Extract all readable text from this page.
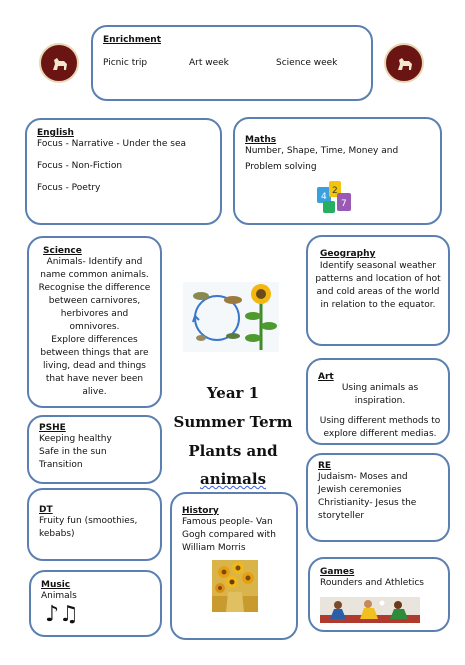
Enrichment
Picnic trip	Art week	Science week
English
Focus - Narrative - Under the sea
Focus - Non-Fiction
Focus - Poetry
Maths
Number, Shape, Time, Money and
Problem solving
4
2
7
Science
Animals- Identify and
name common animals.
Recognise the difference
between carnivores,
herbivores and omnivores.
Explore differences
between things that are
living, dead and things
that have never been
alive.
Geography
Identify seasonal weather
patterns and location of hot
and cold areas of the world
in relation to the equator.
Year 1
Summer Term
Plants and
animals
Art
Using animals as inspiration.
Using different methods to
explore different medias.
PSHE
Keeping healthy
Safe in the sun
Transition	RE
Judaism- Moses and
Jewish ceremonies
Christianity- Jesus the
storyteller
DT
Fruity fun (smoothies,
kebabs)
History
Famous people- Van
Gogh compared with
William Morris
Music
Animals
♪♫
Games
Rounders and Athletics
